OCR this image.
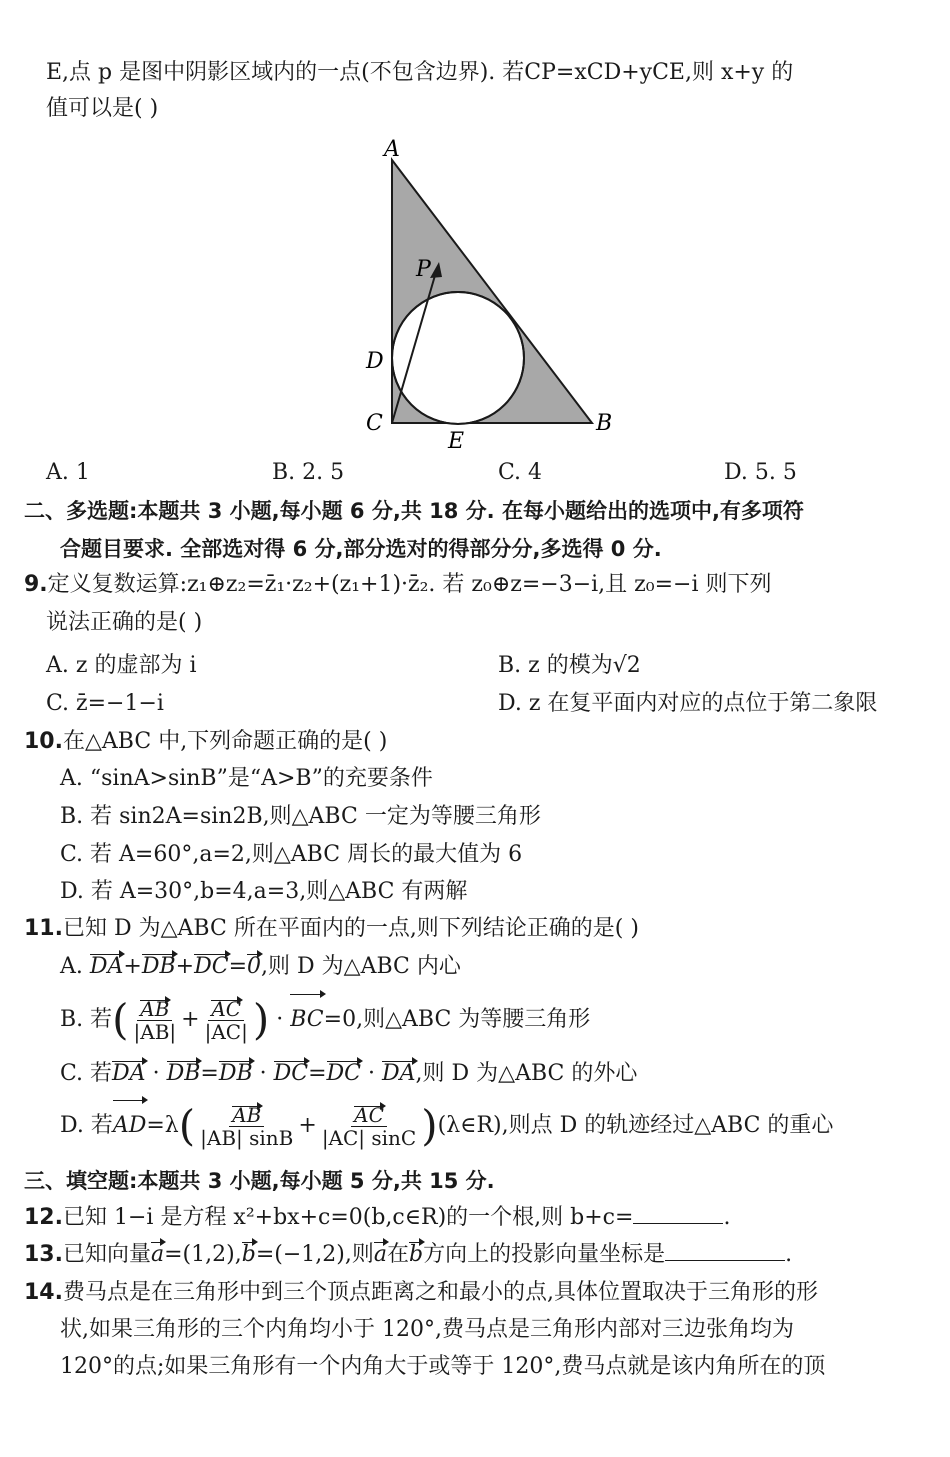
E,点 p 是图中阴影区域内的一点(不包含边界). 若CP=xCD+yCE,则 x+y 的
值可以是( )
A
P
D
C
E
B
A. 1	B. 2. 5	C. 4	D. 5. 5
二、多选题:本题共 3 小题,每小题 6 分,共 18 分. 在每小题给出的选项中,有多项符
合题目要求. 全部选对得 6 分,部分选对的得部分分,多选得 0 分.
9.定义复数运算:z₁⊕z₂=z̄₁·z₂+(z₁+1)·z̄₂. 若 z₀⊕z=−3−i,且 z₀=−i 则下列
说法正确的是( )
A. z 的虚部为 i	B. z 的模为√2
C. z̄=−1−i	D. z 在复平面内对应的点位于第二象限
10.在△ABC 中,下列命题正确的是( )
A. “sinA>sinB”是“A>B”的充要条件
B. 若 sin2A=sin2B,则△ABC 一定为等腰三角形
C. 若 A=60°,a=2,则△ABC 周长的最大值为 6
D. 若 A=30°,b=4,a=3,则△ABC 有两解
11.已知 D 为△ABC 所在平面内的一点,则下列结论正确的是( )
A. DA+DB+DC=0,则 D 为△ABC 内心
B. 若( $\frac{AB}{|AB|} + \frac{AC}{|AC|}$ ) · BC=0,则△ABC 为等腰三角形
C. 若DA · DB=DB · DC=DC · DA,则 D 为△ABC 的外心
D. 若$AD=\lambda( \frac{AB}{|AB| \sin B} + \frac{AC}{|AC| \sin C}$ )(λ∈R),则点 D 的轨迹经过△ABC 的重心
三、填空题:本题共 3 小题,每小题 5 分,共 15 分.
12.已知 1−i 是方程 x²+bx+c=0(b,c∈R)的一个根,则 b+c=	.
13.已知向量a=(1,2),b=(−1,2),则a在b方向上的投影向量坐标是	.
14.费马点是在三角形中到三个顶点距离之和最小的点,具体位置取决于三角形的形
状,如果三角形的三个内角均小于 120°,费马点是三角形内部对三边张角均为
120°的点;如果三角形有一个内角大于或等于 120°,费马点就是该内角所在的顶
